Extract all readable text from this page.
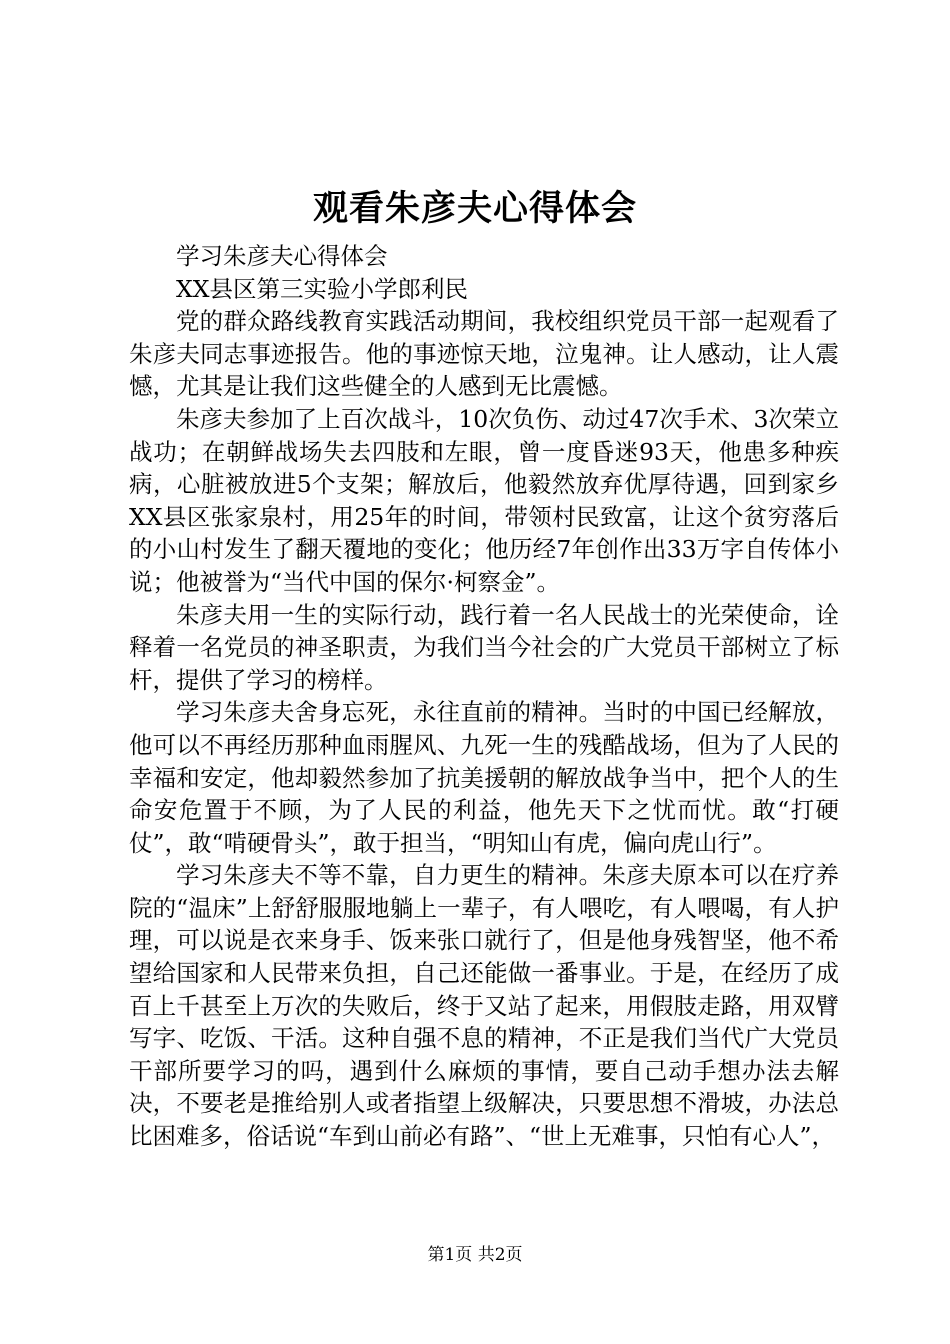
观看朱彦夫心得体会

学习朱彦夫心得体会

XX县区第三实验小学郎利民

党的群众路线教育实践活动期间，我校组织党员干部一起观看了朱彦夫同志事迹报告。他的事迹惊天地，泣鬼神。让人感动，让人震憾，尤其是让我们这些健全的人感到无比震憾。

朱彦夫参加了上百次战斗，10次负伤、动过47次手术、3次荣立战功；在朝鲜战场失去四肢和左眼，曾一度昏迷93天，他患多种疾病，心脏被放进5个支架；解放后，他毅然放弃优厚待遇，回到家乡XX县区张家泉村，用25年的时间，带领村民致富，让这个贫穷落后的小山村发生了翻天覆地的变化；他历经7年创作出33万字自传体小说；他被誉为“当代中国的保尔·柯察金”。

朱彦夫用一生的实际行动，践行着一名人民战士的光荣使命，诠释着一名党员的神圣职责，为我们当今社会的广大党员干部树立了标杆，提供了学习的榜样。

学习朱彦夫舍身忘死，永往直前的精神。当时的中国已经解放，他可以不再经历那种血雨腥风、九死一生的残酷战场，但为了人民的幸福和安定，他却毅然参加了抗美援朝的解放战争当中，把个人的生命安危置于不顾，为了人民的利益，他先天下之忧而忧。敢“打硬仗”，敢“啃硬骨头”，敢于担当，“明知山有虎，偏向虎山行”。

学习朱彦夫不等不靠，自力更生的精神。朱彦夫原本可以在疗养院的“温床”上舒舒服服地躺上一辈子，有人喂吃，有人喂喝，有人护理，可以说是衣来身手、饭来张口就行了，但是他身残智坚，他不希望给国家和人民带来负担，自己还能做一番事业。于是，在经历了成百上千甚至上万次的失败后，终于又站了起来，用假肢走路，用双臂写字、吃饭、干活。这种自强不息的精神，不正是我们当代广大党员干部所要学习的吗，遇到什么麻烦的事情，要自己动手想办法去解决，不要老是推给别人或者指望上级解决，只要思想不滑坡，办法总比困难多，俗话说“车到山前必有路”、“世上无难事，只怕有心人”，

第1页 共2页
